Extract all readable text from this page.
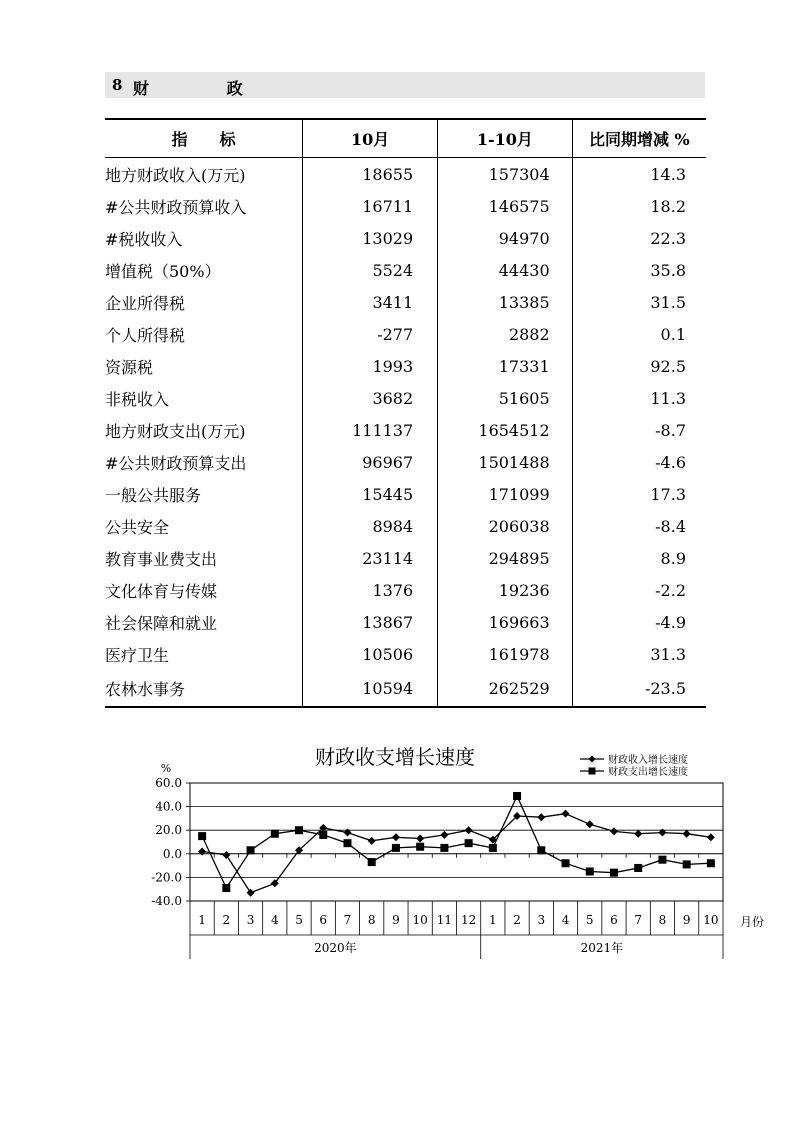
8 财 政
指　　标	10月	1-10月	比同期增减 %
地方财政收入(万元)	18655	157304	14.3
#公共财政预算收入	16711	146575	18.2
#税收收入	13029	94970	22.3
增值税（50%）	5524	44430	35.8
企业所得税	3411	13385	31.5
个人所得税	-277	2882	0.1
资源税	1993	17331	92.5
非税收入	3682	51605	11.3
地方财政支出(万元)	111137	1654512	-8.7
#公共财政预算支出	96967	1501488	-4.6
一般公共服务	15445	171099	17.3
公共安全	8984	206038	-8.4
教育事业费支出	23114	294895	8.9
文化体育与传媒	1376	19236	-2.2
社会保障和就业	13867	169663	-4.9
医疗卫生	10506	161978	31.3
农林水事务	10594	262529	-23.5
财政收支增长速度
%
财政收入增长速度
财政支出增长速度
60.0
40.0
20.0
0.0
-20.0
-40.0
1 2 3 4 5 6 7 8 9 10 11 12 1 2 3 4 5 6 7 8 9 10
2020年	2021年
月份
